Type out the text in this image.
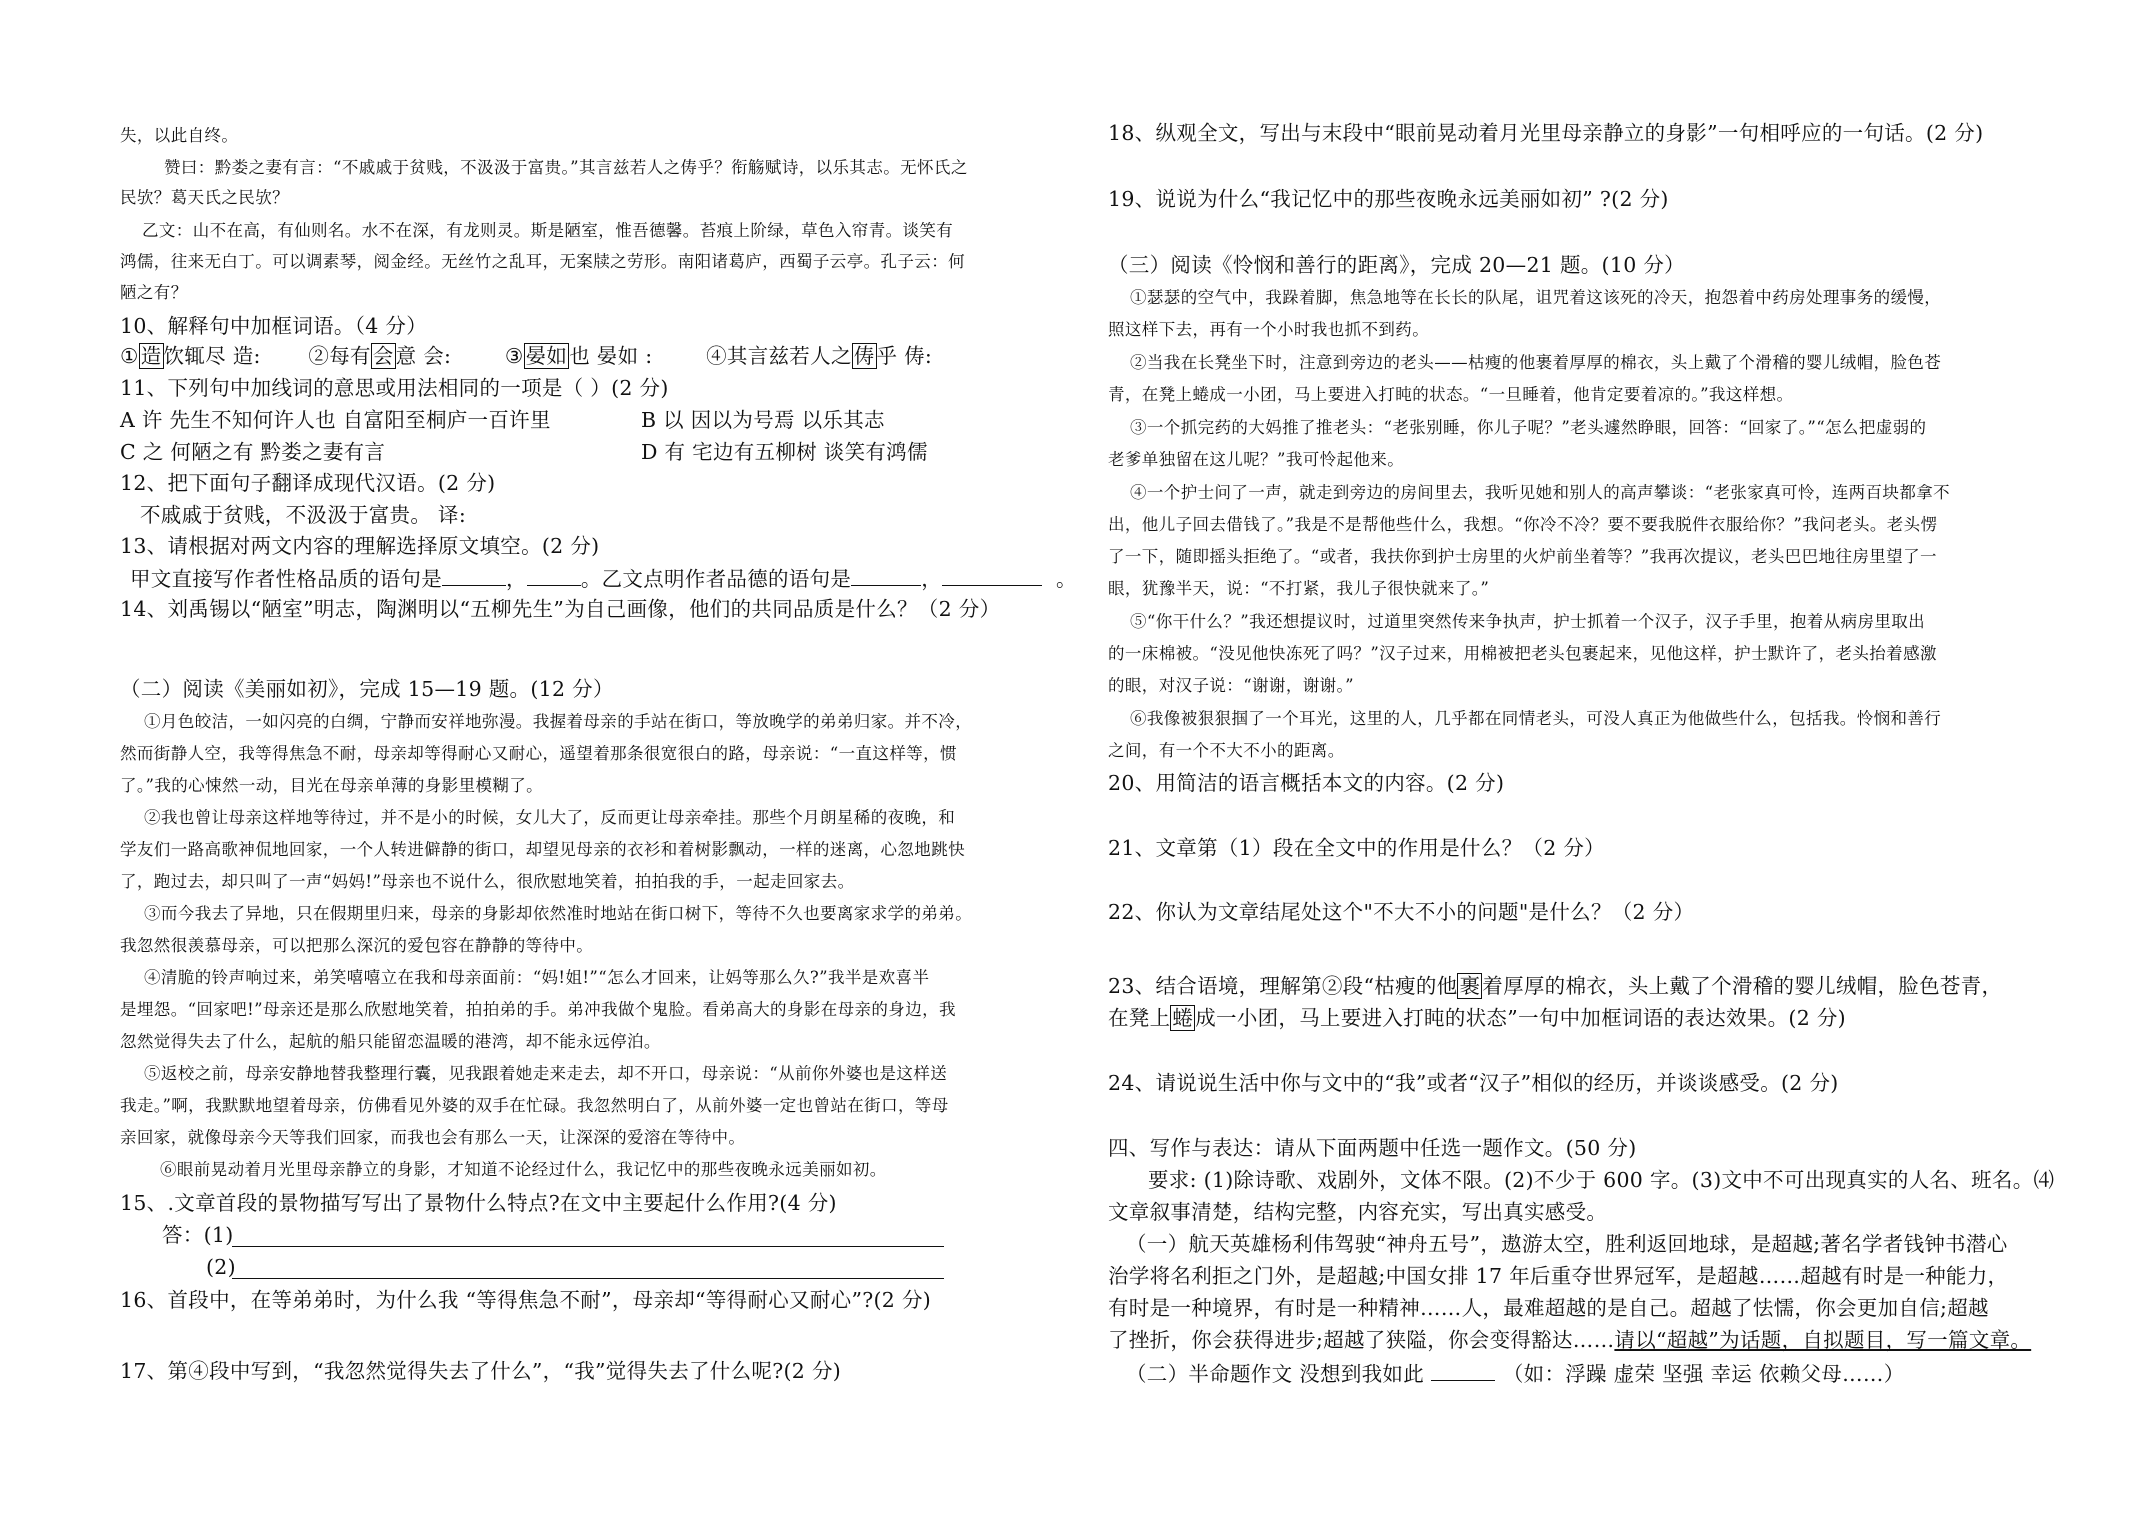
失，以此自终。
赞曰：黔娄之妻有言：“不戚戚于贫贱，不汲汲于富贵。”其言兹若人之俦乎？衔觞赋诗，以乐其志。无怀氏之
民欤？葛天氏之民欤？
乙文：山不在高，有仙则名。水不在深，有龙则灵。斯是陋室，惟吾德馨。苔痕上阶绿，草色入帘青。谈笑有
鸿儒，往来无白丁。可以调素琴，阅金经。无丝竹之乱耳，无案牍之劳形。南阳诸葛庐，西蜀子云亭。孔子云：何
陋之有？
10、解释句中加框词语。（4 分）
①造饮辄尽 造: ②每有会意 会:	③晏如也 晏如 :	④其言兹若人之俦乎 俦:
11、下列句中加线词的意思或用法相同的一项是（ ）(2 分)
A 许 先生不知何许人也 自富阳至桐庐一百许里	B 以 因以为号焉 以乐其志
C 之 何陋之有 黔娄之妻有言	D 有 宅边有五柳树 谈笑有鸿儒
12、把下面句子翻译成现代汉语。(2 分)
不戚戚于贫贱，不汲汲于富贵。 译:
13、请根据对两文内容的理解选择原文填空。(2 分)
甲文直接写作者性格品质的语句是	，	。乙文点明作者品德的语句是	，	。
14、刘禹锡以“陋室”明志，陶渊明以“五柳先生”为自己画像，他们的共同品质是什么？（2 分）
（二）阅读《美丽如初》，完成 15—19 题。(12 分）
①月色皎洁，一如闪亮的白绸，宁静而安祥地弥漫。我握着母亲的手站在街口，等放晚学的弟弟归家。并不冷，
然而街静人空，我等得焦急不耐，母亲却等得耐心又耐心，遥望着那条很宽很白的路，母亲说：“一直这样等，惯
了。”我的心悚然一动，目光在母亲单薄的身影里模糊了。
②我也曾让母亲这样地等待过，并不是小的时候，女儿大了，反而更让母亲牵挂。那些个月朗星稀的夜晚，和
学友们一路高歌神侃地回家，一个人转进僻静的街口，却望见母亲的衣衫和着树影飘动，一样的迷离，心忽地跳快
了，跑过去，却只叫了一声“妈妈!”母亲也不说什么，很欣慰地笑着，拍拍我的手，一起走回家去。
③而今我去了异地，只在假期里归来，母亲的身影却依然准时地站在街口树下，等待不久也要离家求学的弟弟。
我忽然很羡慕母亲，可以把那么深沉的爱包容在静静的等待中。
④清脆的铃声响过来，弟笑嘻嘻立在我和母亲面前：“妈!姐!”“怎么才回来，让妈等那么久?”我半是欢喜半
是埋怨。“回家吧!”母亲还是那么欣慰地笑着，拍拍弟的手。弟冲我做个鬼脸。看弟高大的身影在母亲的身边，我
忽然觉得失去了什么，起航的船只能留恋温暖的港湾，却不能永远停泊。
⑤返校之前，母亲安静地替我整理行囊，见我跟着她走来走去，却不开口，母亲说：“从前你外婆也是这样送
我走。”啊，我默默地望着母亲，仿佛看见外婆的双手在忙碌。我忽然明白了，从前外婆一定也曾站在街口，等母
亲回家，就像母亲今天等我们回家，而我也会有那么一天，让深深的爱溶在等待中。
⑥眼前晃动着月光里母亲静立的身影，才知道不论经过什么，我记忆中的那些夜晚永远美丽如初。
15、.文章首段的景物描写写出了景物什么特点?在文中主要起什么作用?(4 分)
答：(1)
(2)
16、首段中，在等弟弟时，为什么我 “等得焦急不耐”，母亲却“等得耐心又耐心”?(2 分)
17、第④段中写到，“我忽然觉得失去了什么”，“我”觉得失去了什么呢?(2 分)
18、纵观全文，写出与末段中“眼前晃动着月光里母亲静立的身影”一句相呼应的一句话。(2 分)
19、说说为什么“我记忆中的那些夜晚永远美丽如初” ?(2 分)
（三）阅读《怜悯和善行的距离》，完成 20—21 题。(10 分）
①瑟瑟的空气中，我跺着脚，焦急地等在长长的队尾，诅咒着这该死的冷天，抱怨着中药房处理事务的缓慢，
照这样下去，再有一个小时我也抓不到药。
②当我在长凳坐下时，注意到旁边的老头——枯瘦的他裹着厚厚的棉衣，头上戴了个滑稽的婴儿绒帽，脸色苍
青，在凳上蜷成一小团，马上要进入打盹的状态。“一旦睡着，他肯定要着凉的。”我这样想。
③一个抓完药的大妈推了推老头：“老张别睡，你儿子呢？”老头遽然睁眼，回答：“回家了。”“怎么把虚弱的
老爹单独留在这儿呢？”我可怜起他来。
④一个护士问了一声，就走到旁边的房间里去，我听见她和别人的高声攀谈：“老张家真可怜，连两百块都拿不
出，他儿子回去借钱了。”我是不是帮他些什么，我想。“你冷不冷？要不要我脱件衣服给你？”我问老头。老头愣
了一下，随即摇头拒绝了。“或者，我扶你到护士房里的火炉前坐着等？”我再次提议，老头巴巴地往房里望了一
眼，犹豫半天，说：“不打紧，我儿子很快就来了。”
⑤“你干什么？”我还想提议时，过道里突然传来争执声，护士抓着一个汉子，汉子手里，抱着从病房里取出
的一床棉被。“没见他快冻死了吗？”汉子过来，用棉被把老头包裹起来，见他这样，护士默许了，老头抬着感激
的眼，对汉子说：“谢谢，谢谢。”
⑥我像被狠狠掴了一个耳光，这里的人，几乎都在同情老头，可没人真正为他做些什么，包括我。怜悯和善行
之间，有一个不大不小的距离。
20、用简洁的语言概括本文的内容。(2 分)
21、文章第（1）段在全文中的作用是什么？（2 分）
22、你认为文章结尾处这个"不大不小的问题"是什么？（2 分）
23、结合语境，理解第②段“枯瘦的他裹着厚厚的棉衣，头上戴了个滑稽的婴儿绒帽，脸色苍青，
在凳上蜷成一小团，马上要进入打盹的状态”一句中加框词语的表达效果。(2 分)
24、请说说生活中你与文中的“我”或者“汉子”相似的经历，并谈谈感受。(2 分)
四、写作与表达：请从下面两题中任选一题作文。(50 分)
要求: (1)除诗歌、戏剧外，文体不限。(2)不少于 600 字。(3)文中不可出现真实的人名、班名。⑷
文章叙事清楚，结构完整，内容充实，写出真实感受。
（一）航天英雄杨利伟驾驶“神舟五号”，遨游太空，胜利返回地球，是超越;著名学者钱钟书潜心
治学将名利拒之门外，是超越;中国女排 17 年后重夺世界冠军，是超越……超越有时是一种能力，
有时是一种境界，有时是一种精神……人，最难超越的是自己。超越了怯懦，你会更加自信;超越
了挫折，你会获得进步;超越了狭隘，你会变得豁达……请以“超越”为话题，自拟题目，写一篇文章。
（二）半命题作文 没想到我如此	（如：浮躁 虚荣 坚强 幸运 依赖父母……）
